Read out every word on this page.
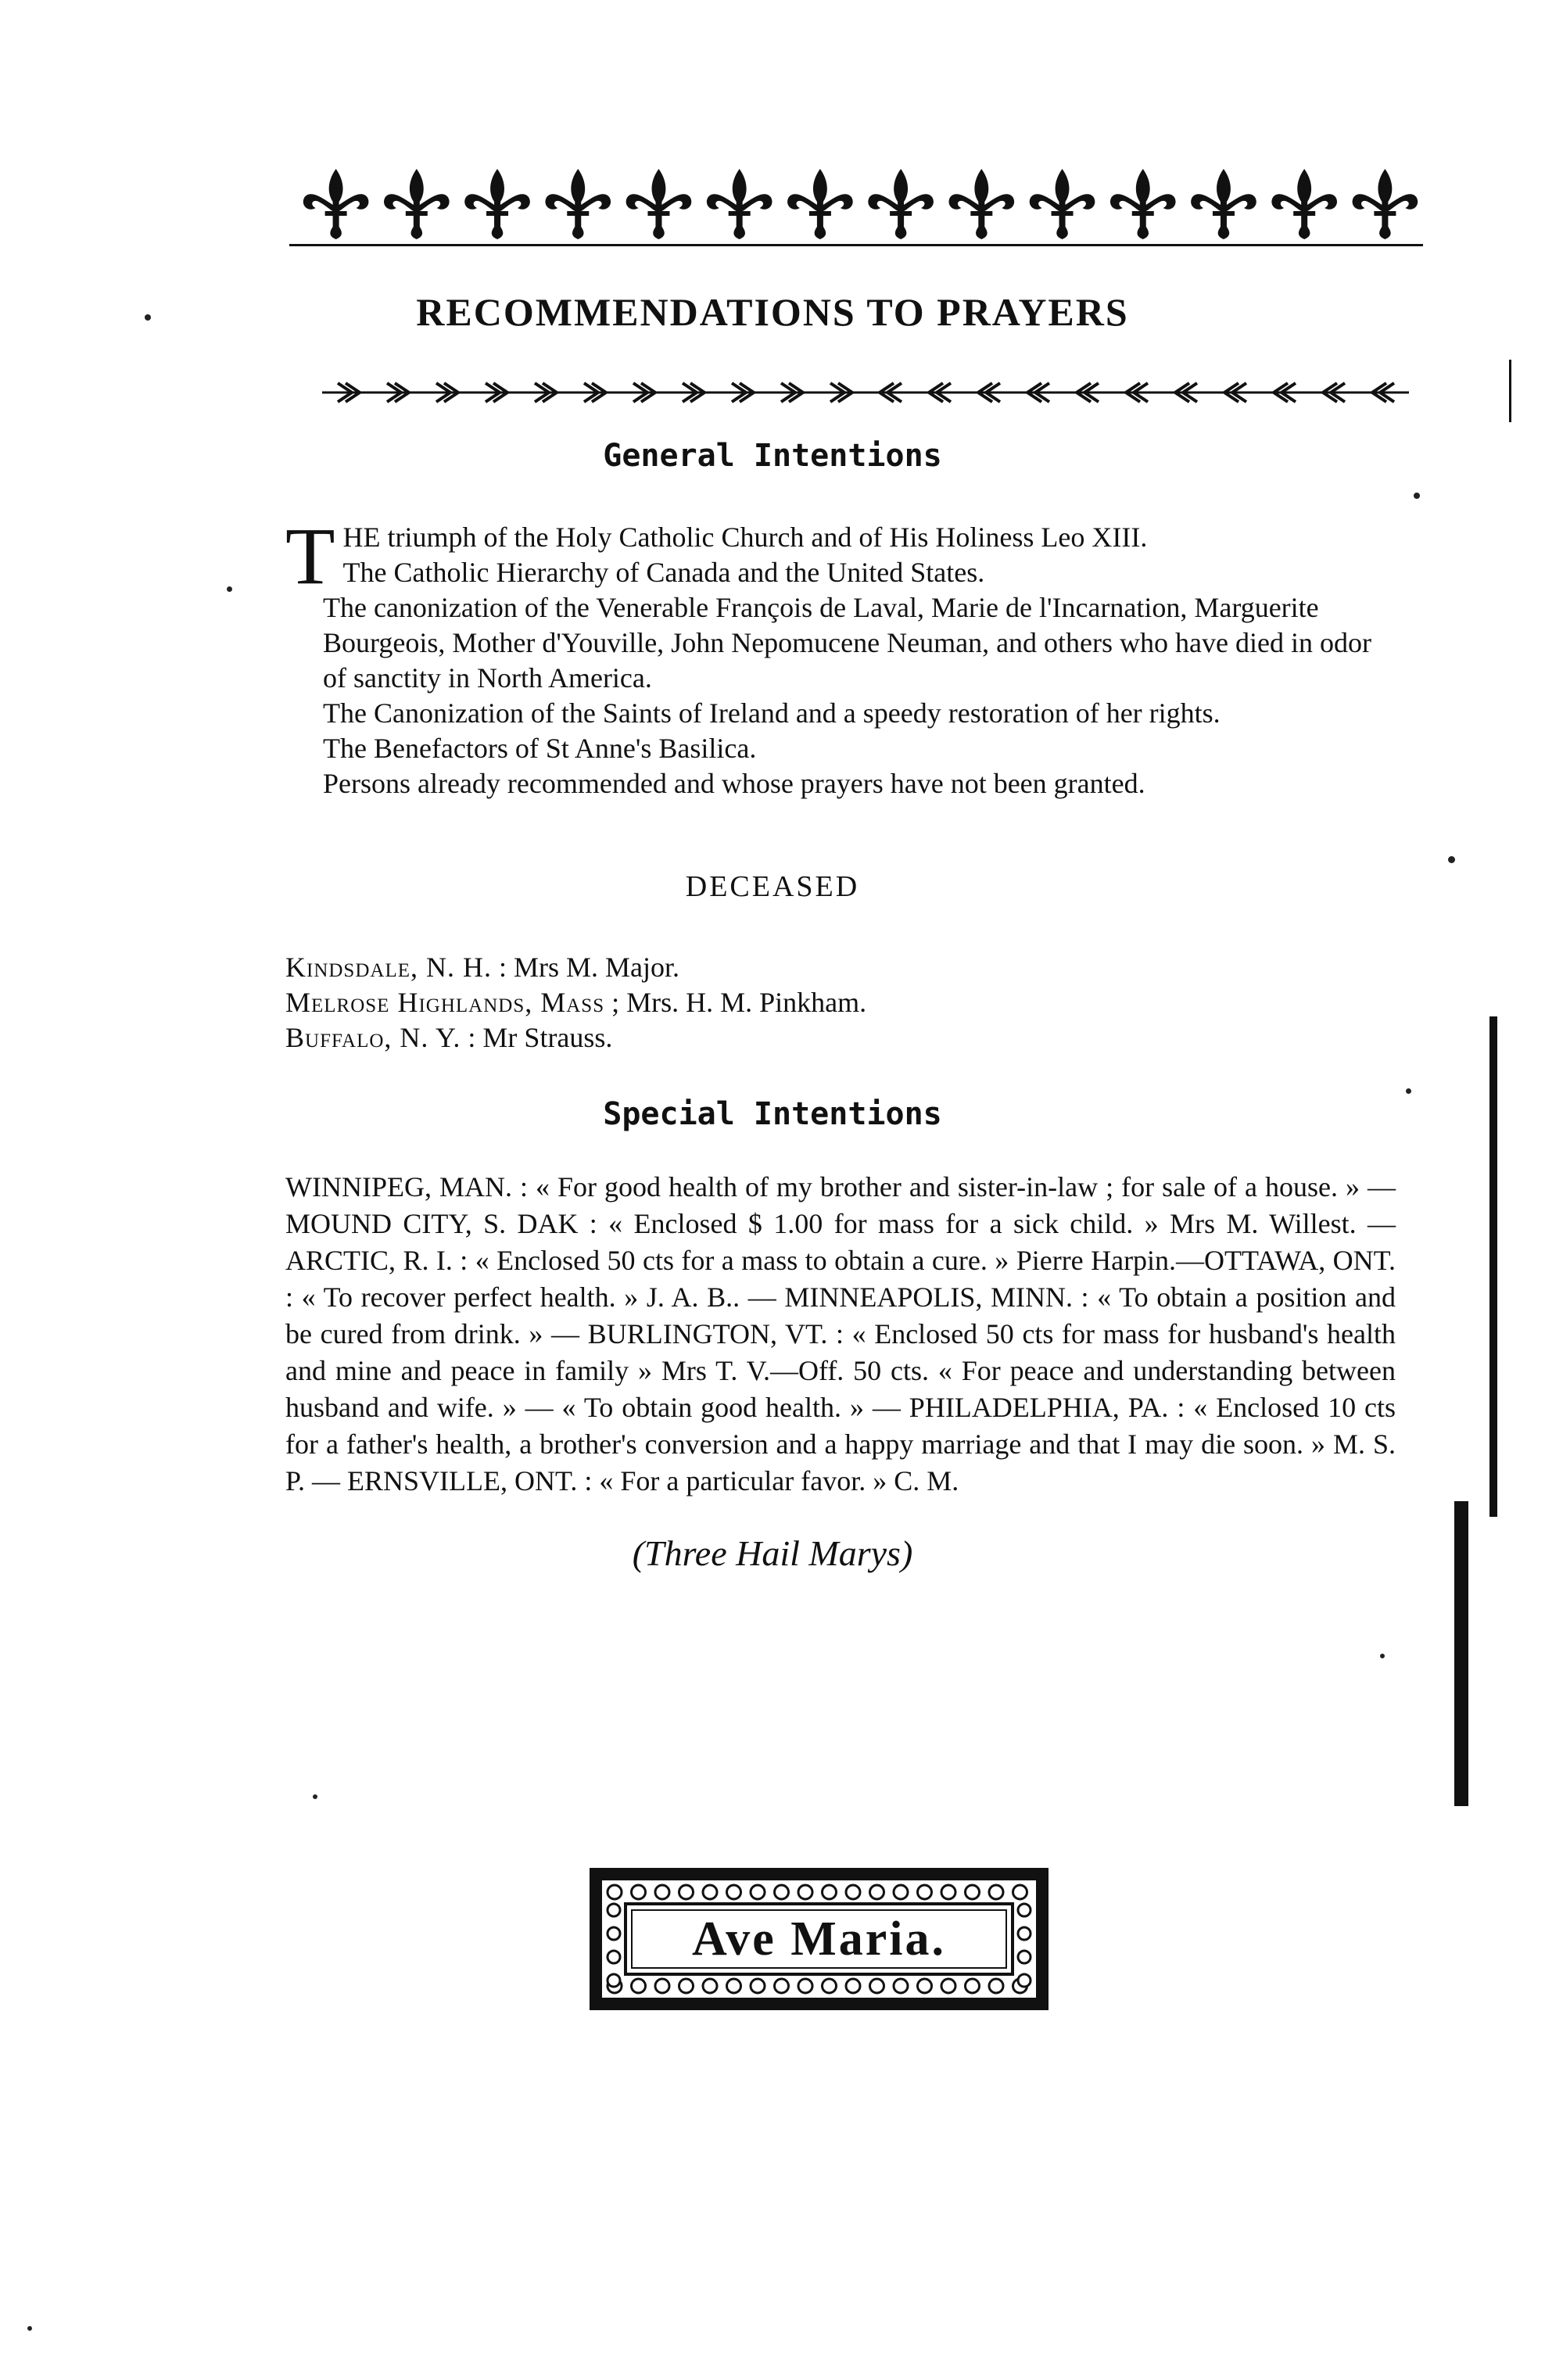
RECOMMENDATIONS TO PRAYERS
General Intentions

T HE triumph of the Holy Catholic Church and of His Holiness Leo XIII.

The Catholic Hierarchy of Canada and the United States.

The canonization of the Venerable François de Laval, Marie de l'Incarnation, Marguerite Bourgeois, Mother d'Youville, John Nepomucene Neuman, and others who have died in odor of sanctity in North America.

The Canonization of the Saints of Ireland and a speedy restoration of her rights.

The Benefactors of St Anne's Basilica.

Persons already recommended and whose prayers have not been granted.

DECEASED

Kindsdale, N. H. : Mrs M. Major.

Melrose Highlands, Mass ; Mrs. H. M. Pinkham.

Buffalo, N. Y. : Mr Strauss.

Special Intentions
WINNIPEG, MAN. : « For good health of my brother and sister-in-law ; for sale of a house. » — MOUND CITY, S. DAK : « Enclosed $ 1.00 for mass for a sick child. » Mrs M. Willest. — ARCTIC, R. I. : « Enclosed 50 cts for a mass to obtain a cure. » Pierre Harpin.—OTTAWA, ONT. : « To recover perfect health. » J. A. B.. — MINNEAPOLIS, MINN. : « To obtain a position and be cured from drink. » — BURLINGTON, VT. : « Enclosed 50 cts for mass for husband's health and mine and peace in family » Mrs T. V.—Off. 50 cts. « For peace and understanding between husband and wife. » — « To obtain good health. » — PHILADELPHIA, PA. : « Enclosed 10 cts for a father's health, a brother's conversion and a happy marriage and that I may die soon. » M. S. P. — ERNSVILLE, ONT. : « For a particular favor. » C. M.
(Three Hail Marys)
Ave Maria.
